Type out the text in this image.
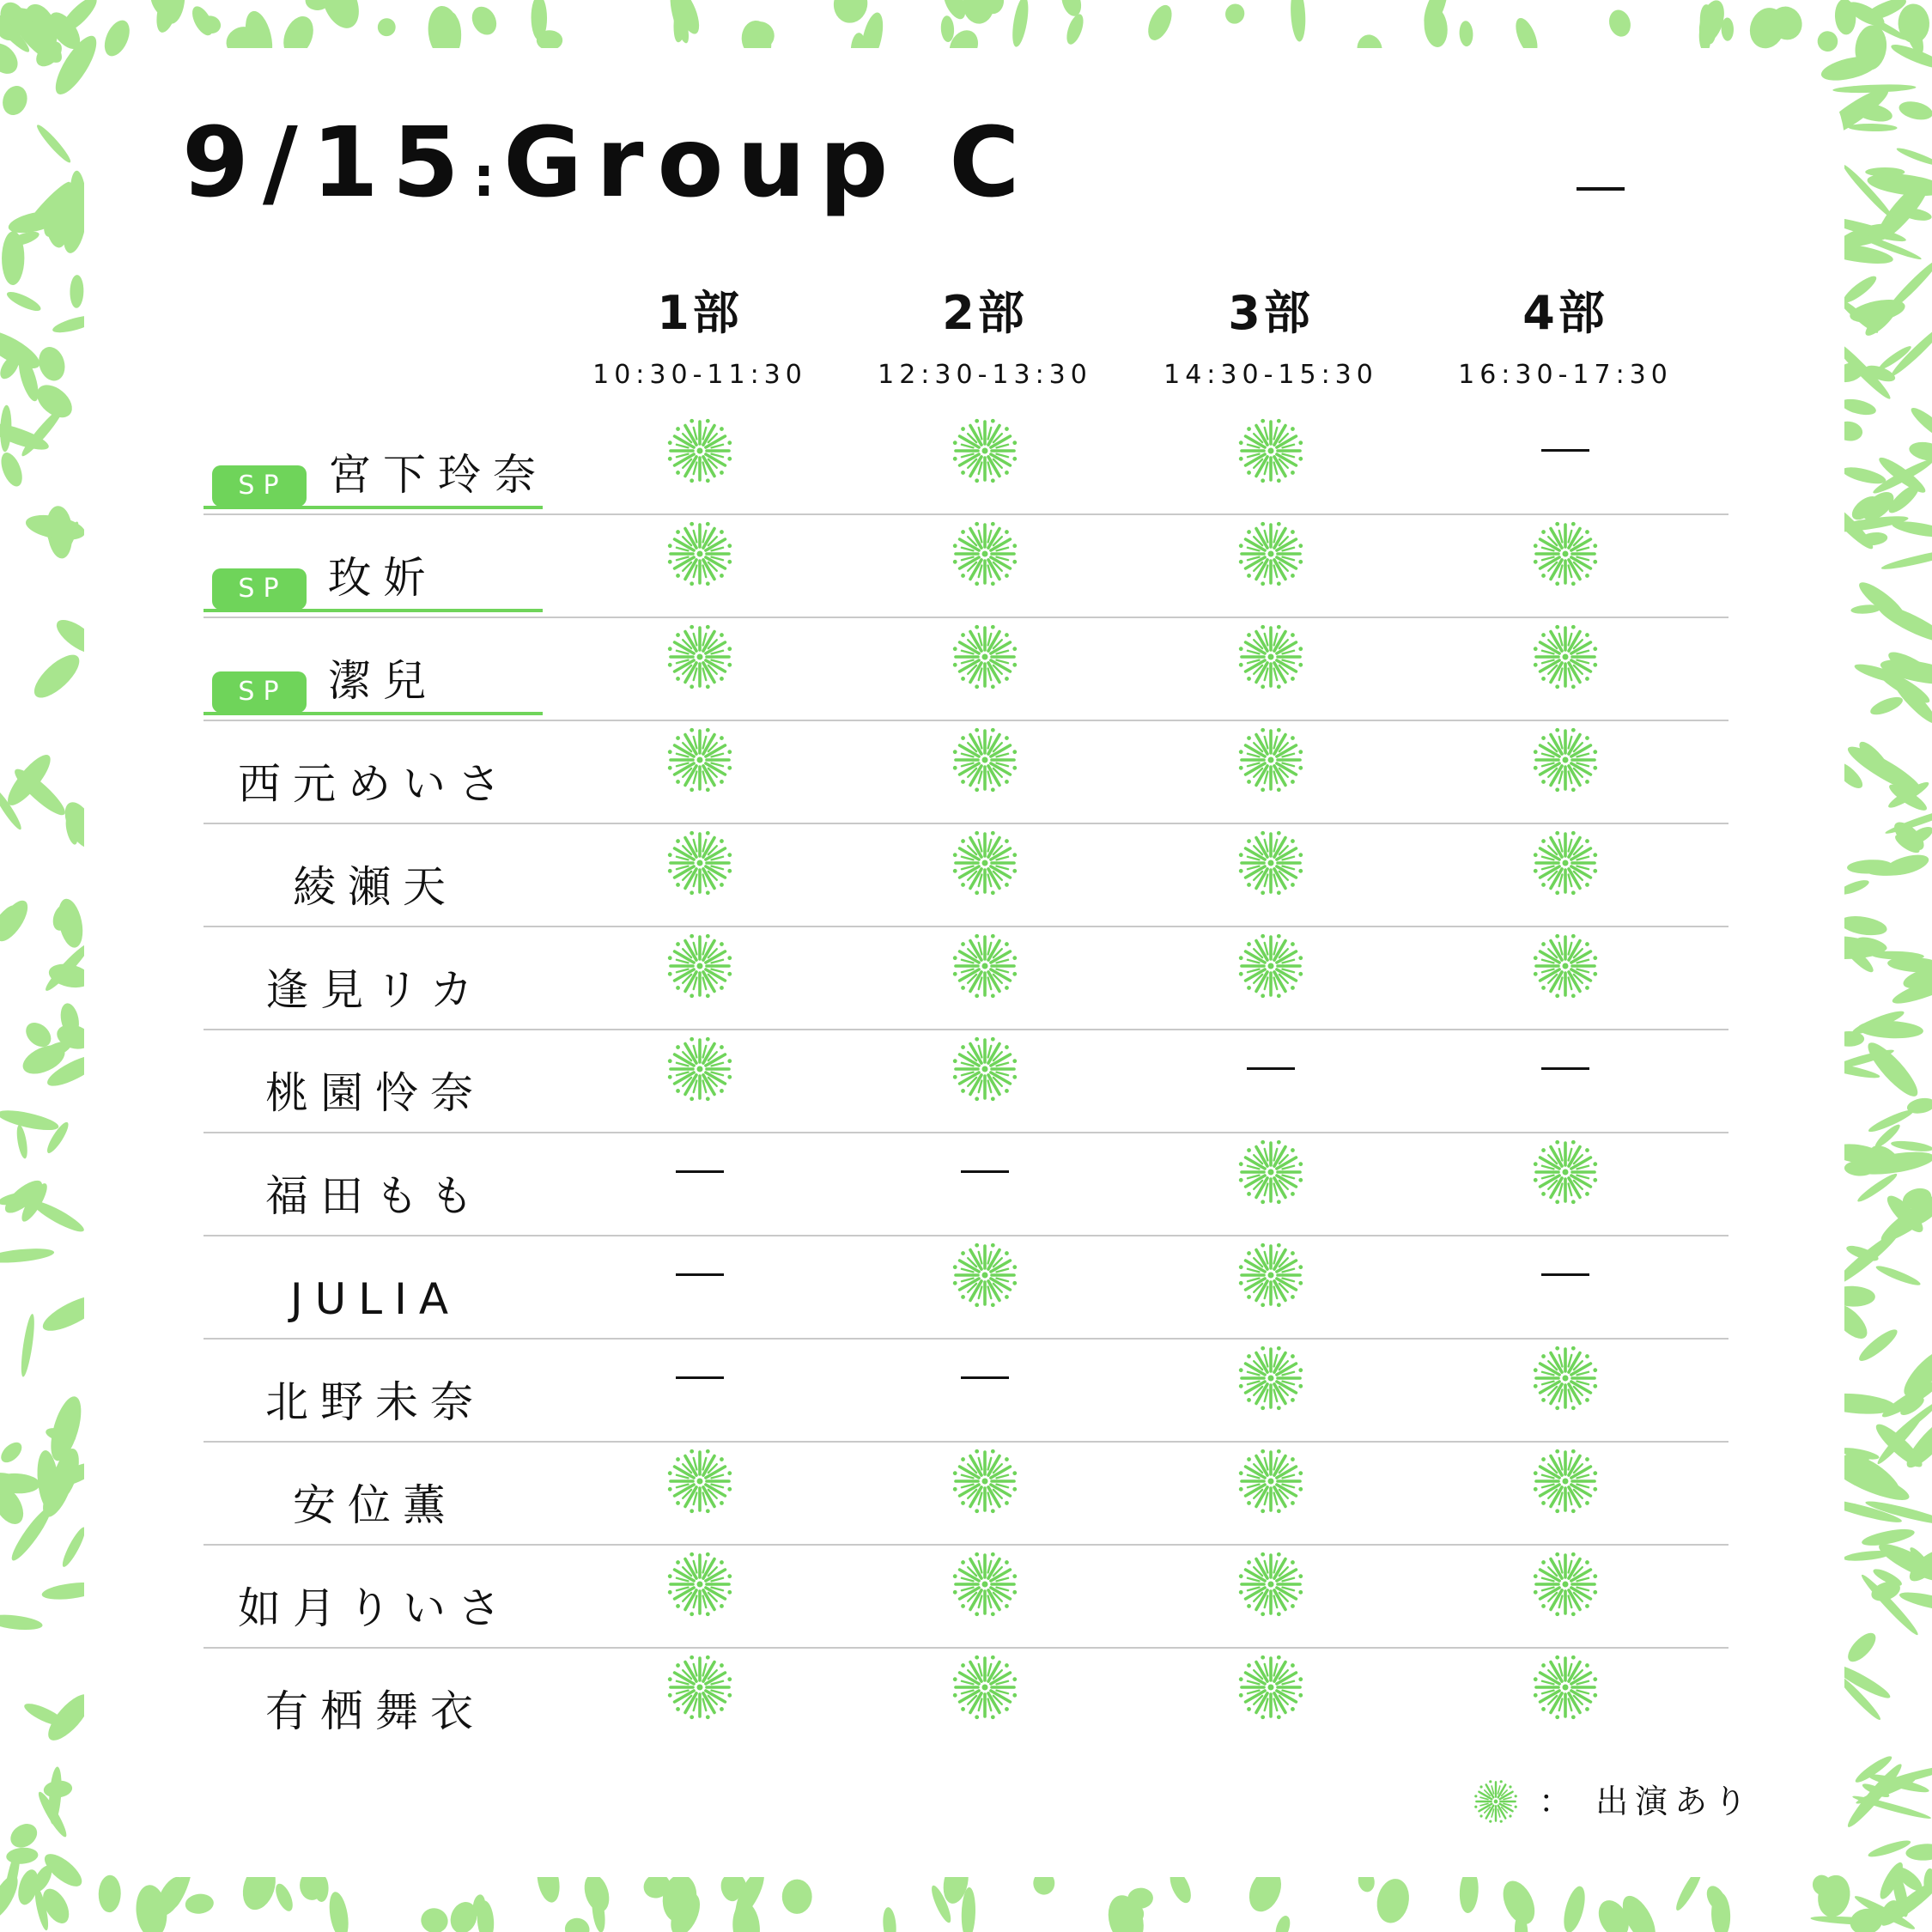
9/15:Group C
1部
10:30-11:30
2部
12:30-13:30
3部
14:30-15:30
4部
16:30-17:30
SP 宮下玲奈
SP 玫妡
SP 潔兒
西元めいさ
綾瀬天
逢見リカ
桃園怜奈
福田もも
JULIA
北野未奈
安位薫
如月りいさ
有栖舞衣
： 出演あり
